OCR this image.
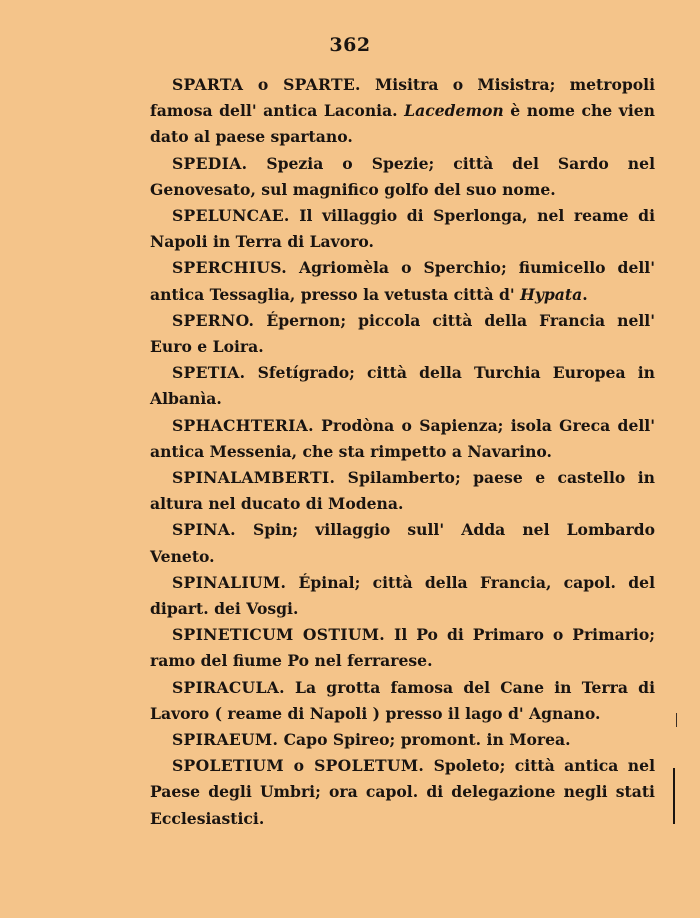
362

SPARTA o SPARTE. Misitra o Misistra; metropoli famosa dell' antica Laconia. Lacedemon è nome che vien dato al paese spartano.

SPEDIA. Spezia o Spezie; città del Sardo nel Genovesato, sul magnifico golfo del suo nome.

SPELUNCAE. Il villaggio di Sperlonga, nel reame di Napoli in Terra di Lavoro.

SPERCHIUS. Agriomèla o Sperchio; fiumicello dell' antica Tessaglia, presso la vetusta città d' Hypata.

SPERNO. Épernon; piccola città della Francia nell' Euro e Loira.

SPETIA. Sfetígrado; città della Turchia Europea in Albanìa.

SPHACHTERIA. Prodòna o Sapienza; isola Greca dell' antica Messenia, che sta rimpetto a Navarino.

SPINALAMBERTI. Spilamberto; paese e castello in altura nel ducato di Modena.

SPINA. Spin; villaggio sull' Adda nel Lombardo Veneto.

SPINALIUM. Épinal; città della Francia, capol. del dipart. dei Vosgi.

SPINETICUM OSTIUM. Il Po di Primaro o Primario; ramo del fiume Po nel ferrarese.

SPIRACULA. La grotta famosa del Cane in Terra di Lavoro ( reame di Napoli ) presso il lago d' Agnano.

SPIRAEUM. Capo Spireo; promont. in Morea.

SPOLETIUM o SPOLETUM. Spoleto; città antica nel Paese degli Umbri; ora capol. di delegazione negli stati Ecclesiastici.
